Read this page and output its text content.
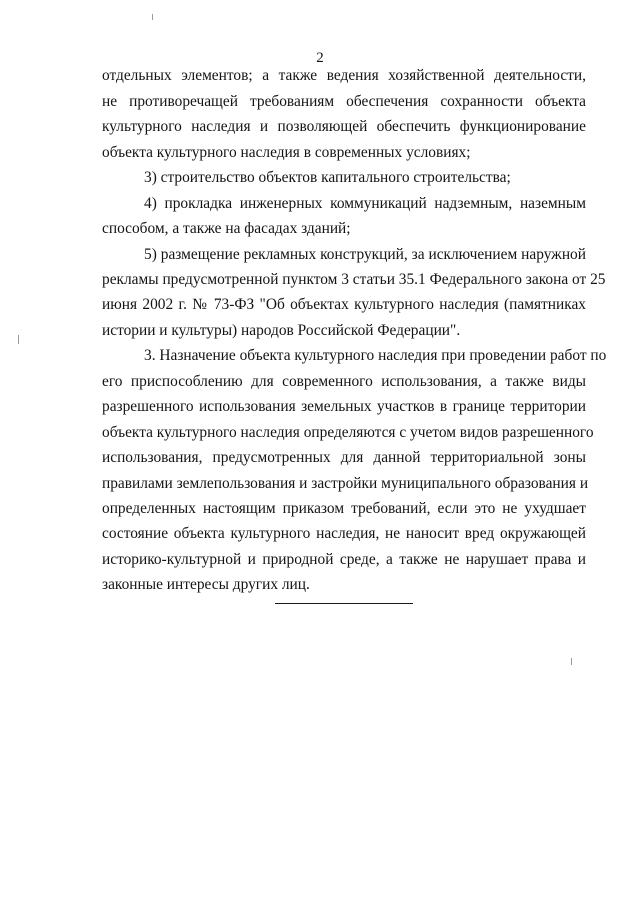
2
отдельных элементов; а также ведения хозяйственной деятельности,
не противоречащей требованиям обеспечения сохранности объекта
культурного наследия и позволяющей обеспечить функционирование
объекта культурного наследия в современных условиях;
3) строительство объектов капитального строительства;
4) прокладка инженерных коммуникаций надземным, наземным
способом, а также на фасадах зданий;
5) размещение рекламных конструкций, за исключением наружной
рекламы предусмотренной пунктом 3 статьи 35.1 Федерального закона от 25
июня 2002 г. № 73-ФЗ "Об объектах культурного наследия (памятниках
истории и культуры) народов Российской Федерации".
3. Назначение объекта культурного наследия при проведении работ по
его приспособлению для современного использования, а также виды
разрешенного использования земельных участков в границе территории
объекта культурного наследия определяются с учетом видов разрешенного
использования, предусмотренных для данной территориальной зоны
правилами землепользования и застройки муниципального образования и
определенных настоящим приказом требований, если это не ухудшает
состояние объекта культурного наследия, не наносит вред окружающей
историко-культурной и природной среде, а также не нарушает права и
законные интересы других лиц.
